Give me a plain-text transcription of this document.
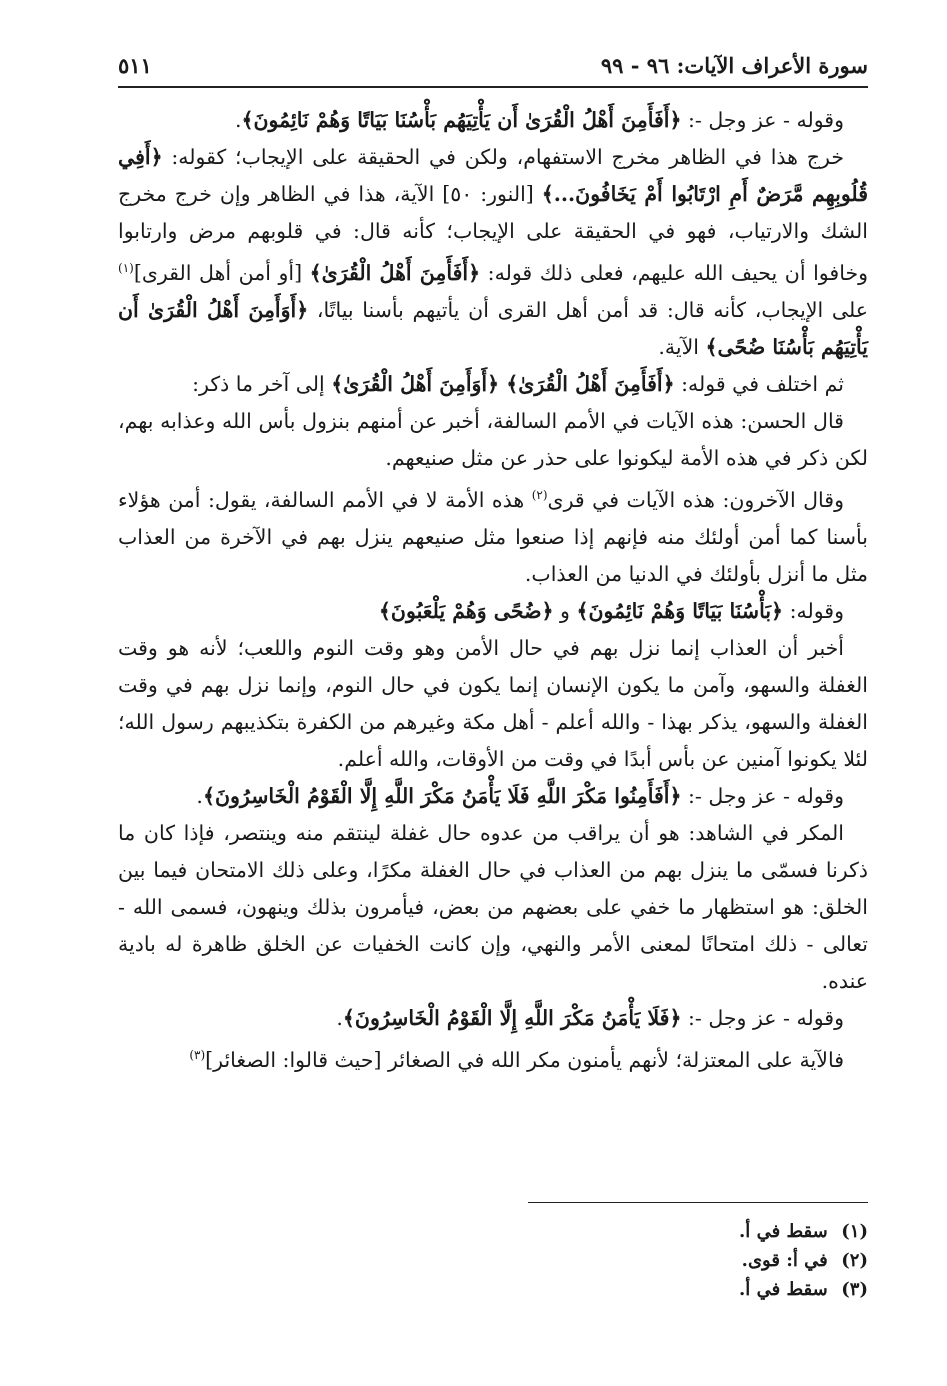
سورة الأعراف الآيات: ٩٦ - ٩٩
٥١١

وقوله - عز وجل -: ﴿أَفَأَمِنَ أَهْلُ الْقُرَىٰ أَن يَأْتِيَهُم بَأْسُنَا بَيَاتًا وَهُمْ نَائِمُونَ﴾.

خرج هذا في الظاهر مخرج الاستفهام، ولكن في الحقيقة على الإيجاب؛ كقوله: ﴿أَفِي قُلُوبِهِم مَّرَضٌ أَمِ ارْتَابُوا أَمْ يَخَافُونَ...﴾ [النور: ٥٠] الآية، هذا في الظاهر وإن خرج مخرج الشك والارتياب، فهو في الحقيقة على الإيجاب؛ كأنه قال: في قلوبهم مرض وارتابوا وخافوا أن يحيف الله عليهم، فعلى ذلك قوله: ﴿أَفَأَمِنَ أَهْلُ الْقُرَىٰ﴾ [أو أمن أهل القرى]$^{(١)}$ على الإيجاب، كأنه قال: قد أمن أهل القرى أن يأتيهم بأسنا بياتًا، ﴿أَوَأَمِنَ أَهْلُ الْقُرَىٰ أَن يَأْتِيَهُم بَأْسُنَا ضُحًى﴾ الآية.

ثم اختلف في قوله: ﴿أَفَأَمِنَ أَهْلُ الْقُرَىٰ﴾ ﴿أَوَأَمِنَ أَهْلُ الْقُرَىٰ﴾ إلى آخر ما ذكر:

قال الحسن: هذه الآيات في الأمم السالفة، أخبر عن أمنهم بنزول بأس الله وعذابه بهم، لكن ذكر في هذه الأمة ليكونوا على حذر عن مثل صنيعهم.

وقال الآخرون: هذه الآيات في قرى$^{(٢)}$ هذه الأمة لا في الأمم السالفة، يقول: أمن هؤلاء بأسنا كما أمن أولئك منه فإنهم إذا صنعوا مثل صنيعهم ينزل بهم في الآخرة من العذاب مثل ما أنزل بأولئك في الدنيا من العذاب.

وقوله: ﴿بَأْسُنَا بَيَاتًا وَهُمْ نَائِمُونَ﴾ و ﴿ضُحًى وَهُمْ يَلْعَبُونَ﴾

أخبر أن العذاب إنما نزل بهم في حال الأمن وهو وقت النوم واللعب؛ لأنه هو وقت الغفلة والسهو، وآمن ما يكون الإنسان إنما يكون في حال النوم، وإنما نزل بهم في وقت الغفلة والسهو، يذكر بهذا - والله أعلم - أهل مكة وغيرهم من الكفرة بتكذيبهم رسول الله؛ لئلا يكونوا آمنين عن بأس أبدًا في وقت من الأوقات، والله أعلم.

وقوله - عز وجل -: ﴿أَفَأَمِنُوا مَكْرَ اللَّهِ فَلَا يَأْمَنُ مَكْرَ اللَّهِ إِلَّا الْقَوْمُ الْخَاسِرُونَ﴾.

المكر في الشاهد: هو أن يراقب من عدوه حال غفلة لينتقم منه وينتصر، فإذا كان ما ذكرنا فسمّى ما ينزل بهم من العذاب في حال الغفلة مكرًا، وعلى ذلك الامتحان فيما بين الخلق: هو استظهار ما خفي على بعضهم من بعض، فيأمرون بذلك وينهون، فسمى الله - تعالى - ذلك امتحانًا لمعنى الأمر والنهي، وإن كانت الخفيات عن الخلق ظاهرة له بادية عنده.

وقوله - عز وجل -: ﴿فَلَا يَأْمَنُ مَكْرَ اللَّهِ إِلَّا الْقَوْمُ الْخَاسِرُونَ﴾.

فالآية على المعتزلة؛ لأنهم يأمنون مكر الله في الصغائر [حيث قالوا: الصغائر]$^{(٣)}$

(١) سقط في أ.
(٢) في أ: قوى.
(٣) سقط في أ.
